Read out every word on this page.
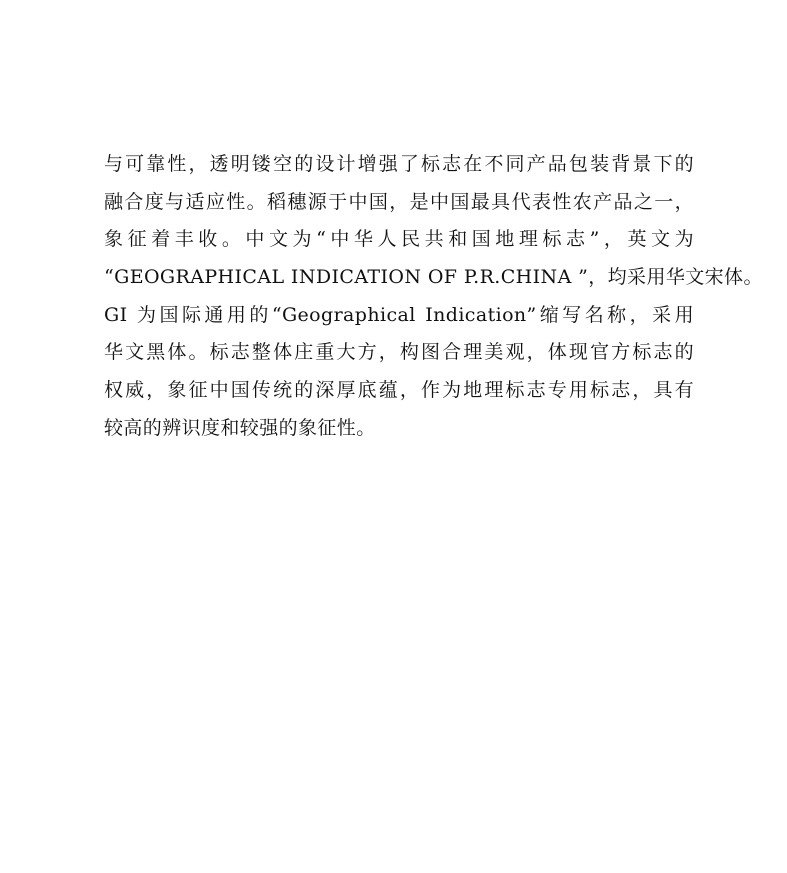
与可靠性，透明镂空的设计增强了标志在不同产品包装背景下的
融合度与适应性。稻穗源于中国，是中国最具代表性农产品之一，
象征着丰收。中文为“中华人民共和国地理标志”，英文为
“GEOGRAPHICAL INDICATION OF P.R.CHINA ”，均采用华文宋体。
GI 为国际通用的“Geographical Indication”缩写名称，采用
华文黑体。标志整体庄重大方，构图合理美观，体现官方标志的
权威，象征中国传统的深厚底蕴，作为地理标志专用标志，具有
较高的辨识度和较强的象征性。
